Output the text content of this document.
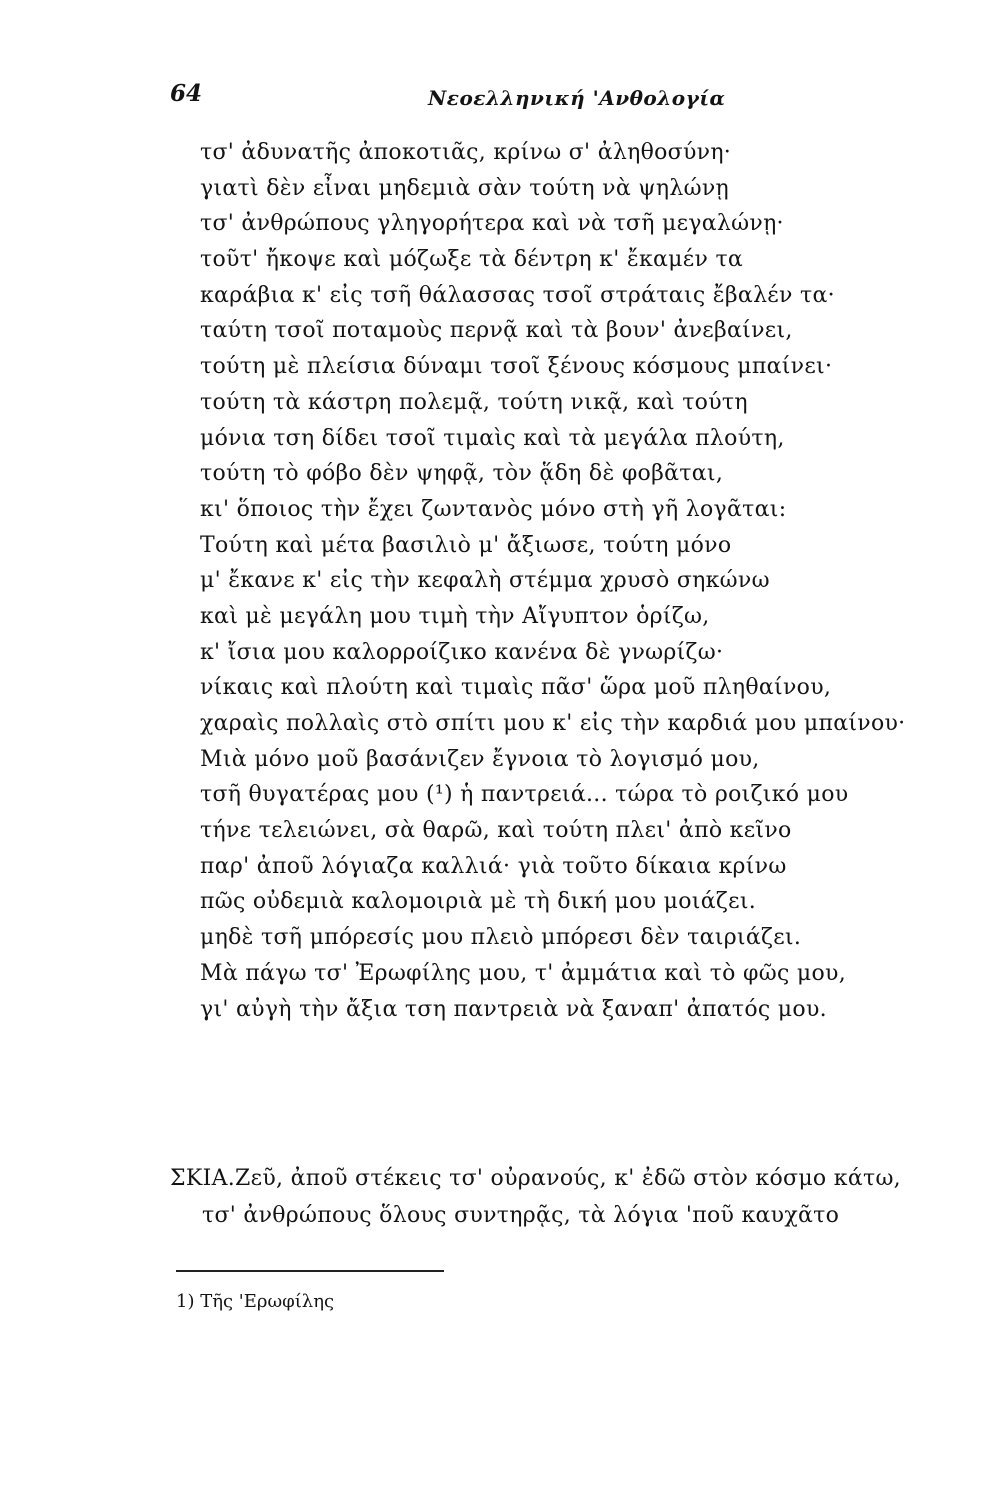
64	Νεοελληνική 'Ανθολογία
τσ' ἀδυνατῆς ἀποκοτιᾶς, κρίνω σ' ἀληθοσύνη·
γιατὶ δὲν εἶναι μηδεμιὰ σὰν τούτη νὰ ψηλώνῃ
τσ' ἀνθρώπους γληγορήτερα καὶ νὰ τσῆ μεγαλώνῃ·
τοῦτ' ἤκοψε καὶ μόζωξε τὰ δέντρη κ' ἔκαμέν τα
καράβια κ' εἰς τσῆ θάλασσας τσοῖ στράταις ἔβαλέν τα·
ταύτη τσοῖ ποταμοὺς περνᾷ καὶ τὰ βουν' ἀνεβαίνει,
τούτη μὲ πλείσια δύναμι τσοῖ ξένους κόσμους μπαίνει·
τούτη τὰ κάστρη πολεμᾷ, τούτη νικᾷ, καὶ τούτη
μόνια τση δίδει τσοῖ τιμαὶς καὶ τὰ μεγάλα πλούτη,
τούτη τὸ φόβο δὲν ψηφᾷ, τὸν ᾅδη δὲ φοβᾶται,
κι' ὅποιος τὴν ἔχει ζωντανὸς μόνο στὴ γῆ λογᾶται:
Τούτη καὶ μέτα βασιλιὸ μ' ἄξιωσε, τούτη μόνο
μ' ἔκανε κ' εἰς τὴν κεφαλὴ στέμμα χρυσὸ σηκώνω
καὶ μὲ μεγάλη μου τιμὴ τὴν Αἴγυπτον ὁρίζω,
κ' ἴσια μου καλορροίζικο κανένα δὲ γνωρίζω·
νίκαις καὶ πλούτη καὶ τιμαὶς πᾶσ' ὥρα μοῦ πληθαίνου,
χαραὶς πολλαὶς στὸ σπίτι μου κ' εἰς τὴν καρδιά μου μπαίνου·
Μιὰ μόνο μοῦ βασάνιζεν ἔγνοια τὸ λογισμό μου,
τσῆ θυγατέρας μου (¹) ἡ παντρειά... τώρα τὸ ροιζικό μου
τήνε τελειώνει, σὰ θαρῶ, καὶ τούτη πλει' ἀπὸ κεῖνο
παρ' ἀποῦ λόγιαζα καλλιά· γιὰ τοῦτο δίκαια κρίνω
πῶς οὐδεμιὰ καλομοιριὰ μὲ τὴ δική μου μοιάζει.
μηδὲ τσῆ μπόρεσίς μου πλειὸ μπόρεσι δὲν ταιριάζει.
Μὰ πάγω τσ' Ἐρωφίλης μου, τ' ἀμμάτια καὶ τὸ φῶς μου,
γι' αὐγὴ τὴν ἄξια τση παντρειὰ νὰ ξαναπ' ἀπατός μου.
ΣΚΙΑ.Ζεῦ, ἀποῦ στέκεις τσ' οὐρανούς, κ' ἐδῶ στὸν κόσμο κάτω,
τσ' ἀνθρώπους ὅλους συντηρᾷς, τὰ λόγια 'ποῦ καυχᾶτο
1) Τῆς 'Ερωφίλης
